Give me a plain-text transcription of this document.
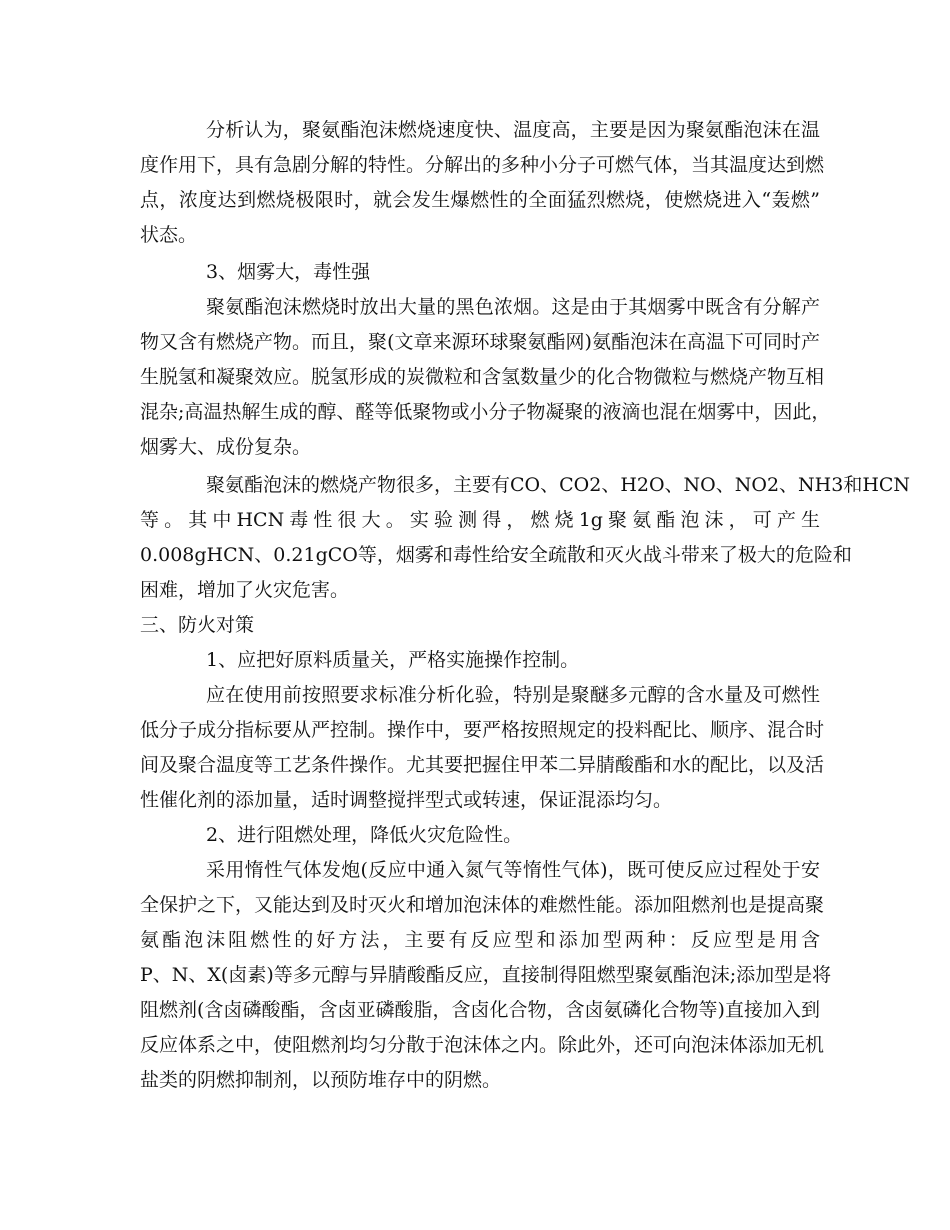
分析认为，聚氨酯泡沫燃烧速度快、温度高，主要是因为聚氨酯泡沫在温
度作用下，具有急剧分解的特性。分解出的多种小分子可燃气体，当其温度达到燃
点，浓度达到燃烧极限时，就会发生爆燃性的全面猛烈燃烧，使燃烧进入“轰燃”
状态。
3、烟雾大，毒性强
聚氨酯泡沫燃烧时放出大量的黑色浓烟。这是由于其烟雾中既含有分解产
物又含有燃烧产物。而且，聚(文章来源环球聚氨酯网)氨酯泡沫在高温下可同时产
生脱氢和凝聚效应。脱氢形成的炭微粒和含氢数量少的化合物微粒与燃烧产物互相
混杂;高温热解生成的醇、醛等低聚物或小分子物凝聚的液滴也混在烟雾中，因此，
烟雾大、成份复杂。
聚氨酯泡沫的燃烧产物很多，主要有CO、CO2、H2O、NO、NO2、NH3和HCN
等。其中HCN毒性很大。实验测得，燃烧1g聚氨酯泡沫，可产生
0.008gHCN、0.21gCO等，烟雾和毒性给安全疏散和灭火战斗带来了极大的危险和
困难，增加了火灾危害。
三、防火对策
1、应把好原料质量关，严格实施操作控制。
应在使用前按照要求标准分析化验，特别是聚醚多元醇的含水量及可燃性
低分子成分指标要从严控制。操作中，要严格按照规定的投料配比、顺序、混合时
间及聚合温度等工艺条件操作。尤其要把握住甲苯二异腈酸酯和水的配比，以及活
性催化剂的添加量，适时调整搅拌型式或转速，保证混添均匀。
2、进行阻燃处理，降低火灾危险性。
采用惰性气体发炮(反应中通入氮气等惰性气体)，既可使反应过程处于安
全保护之下，又能达到及时灭火和增加泡沫体的难燃性能。添加阻燃剂也是提高聚
氨酯泡沫阻燃性的好方法，主要有反应型和添加型两种：反应型是用含
P、N、X(卤素)等多元醇与异腈酸酯反应，直接制得阻燃型聚氨酯泡沫;添加型是将
阻燃剂(含卤磷酸酯，含卤亚磷酸脂，含卤化合物，含卤氨磷化合物等)直接加入到
反应体系之中，使阻燃剂均匀分散于泡沫体之内。除此外，还可向泡沫体添加无机
盐类的阴燃抑制剂，以预防堆存中的阴燃。
